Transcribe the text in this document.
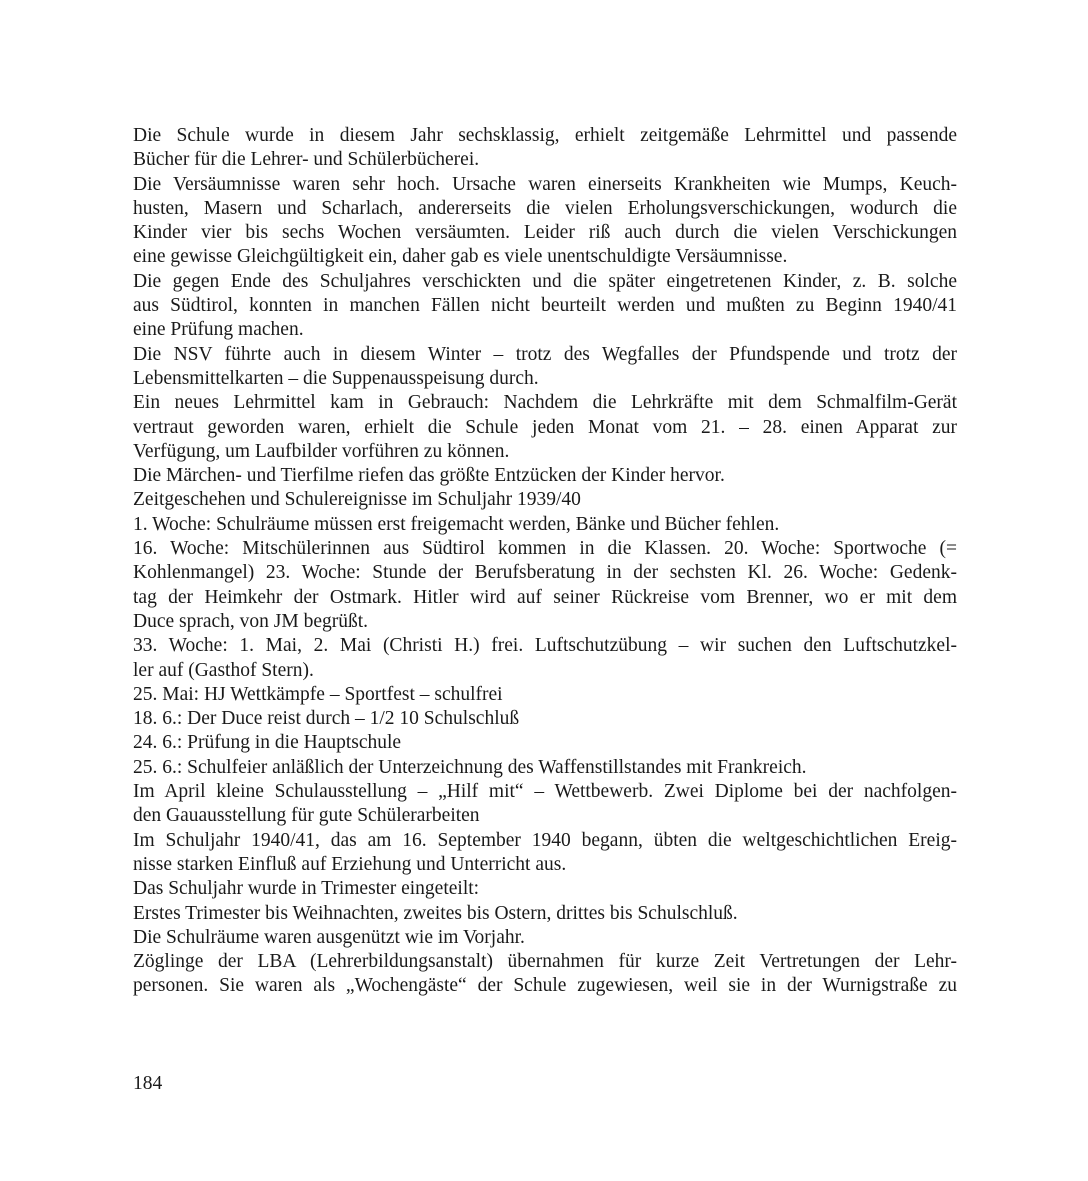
Die Schule wurde in diesem Jahr sechsklassig, erhielt zeitgemäße Lehrmittel und passende
Bücher für die Lehrer- und Schülerbücherei.
Die Versäumnisse waren sehr hoch. Ursache waren einerseits Krankheiten wie Mumps, Keuch-
husten, Masern und Scharlach, andererseits die vielen Erholungsverschickungen, wodurch die
Kinder vier bis sechs Wochen versäumten. Leider riß auch durch die vielen Verschickungen
eine gewisse Gleichgültigkeit ein, daher gab es viele unentschuldigte Versäumnisse.
Die gegen Ende des Schuljahres verschickten und die später eingetretenen Kinder, z. B. solche
aus Südtirol, konnten in manchen Fällen nicht beurteilt werden und mußten zu Beginn 1940/41
eine Prüfung machen.
Die NSV führte auch in diesem Winter – trotz des Wegfalles der Pfundspende und trotz der
Lebensmittelkarten – die Suppenausspeisung durch.
Ein neues Lehrmittel kam in Gebrauch: Nachdem die Lehrkräfte mit dem Schmalfilm-Gerät
vertraut geworden waren, erhielt die Schule jeden Monat vom 21. – 28. einen Apparat zur
Verfügung, um Laufbilder vorführen zu können.
Die Märchen- und Tierfilme riefen das größte Entzücken der Kinder hervor.
Zeitgeschehen und Schulereignisse im Schuljahr 1939/40
1. Woche: Schulräume müssen erst freigemacht werden, Bänke und Bücher fehlen.
16. Woche: Mitschülerinnen aus Südtirol kommen in die Klassen. 20. Woche: Sportwoche (=
Kohlenmangel) 23. Woche: Stunde der Berufsberatung in der sechsten Kl. 26. Woche: Gedenk-
tag der Heimkehr der Ostmark. Hitler wird auf seiner Rückreise vom Brenner, wo er mit dem
Duce sprach, von JM begrüßt.
33. Woche: 1. Mai, 2. Mai (Christi H.) frei. Luftschutzübung – wir suchen den Luftschutzkel-
ler auf (Gasthof Stern).
25. Mai: HJ Wettkämpfe – Sportfest – schulfrei
18. 6.: Der Duce reist durch – 1/2 10 Schulschluß
24. 6.: Prüfung in die Hauptschule
25. 6.: Schulfeier anläßlich der Unterzeichnung des Waffenstillstandes mit Frankreich.
Im April kleine Schulausstellung – „Hilf mit“ – Wettbewerb. Zwei Diplome bei der nachfolgen-
den Gauausstellung für gute Schülerarbeiten
Im Schuljahr 1940/41, das am 16. September 1940 begann, übten die weltgeschichtlichen Ereig-
nisse starken Einfluß auf Erziehung und Unterricht aus.
Das Schuljahr wurde in Trimester eingeteilt:
Erstes Trimester bis Weihnachten, zweites bis Ostern, drittes bis Schulschluß.
Die Schulräume waren ausgenützt wie im Vorjahr.
Zöglinge der LBA (Lehrerbildungsanstalt) übernahmen für kurze Zeit Vertretungen der Lehr-
personen. Sie waren als „Wochengäste“ der Schule zugewiesen, weil sie in der Wurnigstraße zu
184
